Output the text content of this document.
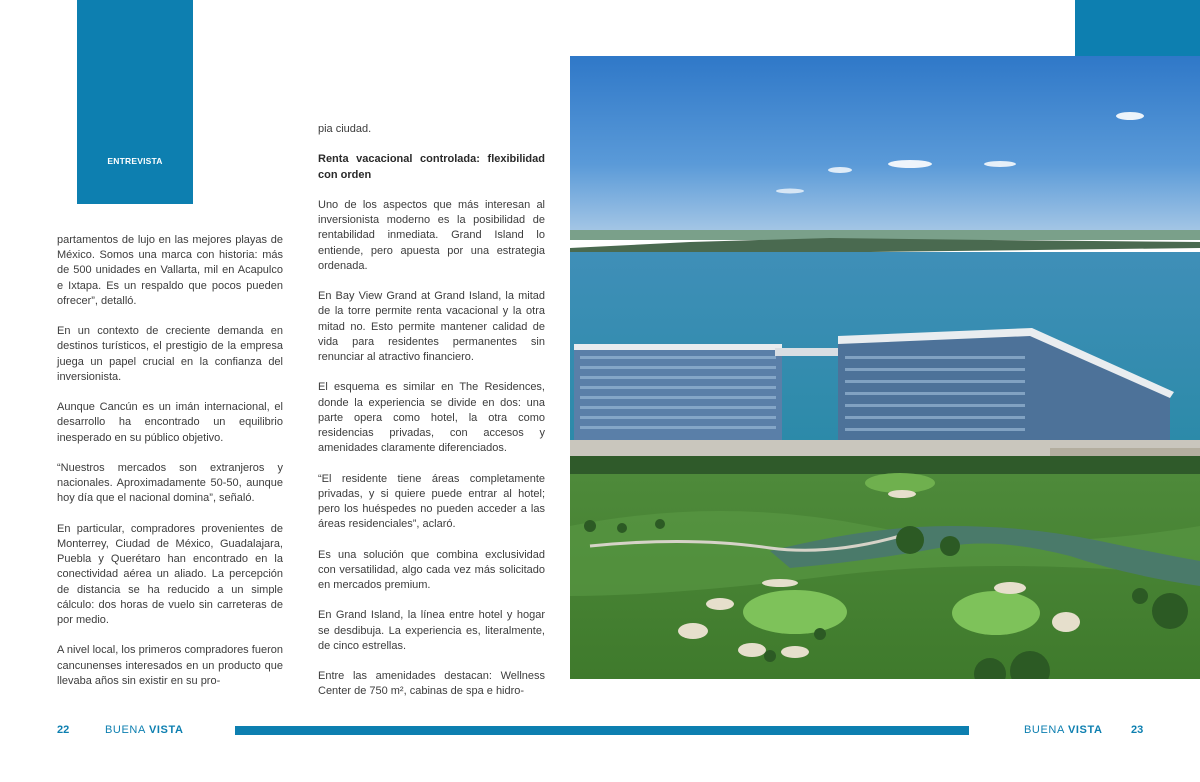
ENTREVISTA

partamentos de lujo en las mejores playas de México. Somos una marca con historia: más de 500 unidades en Vallarta, mil en Acapulco e Ixtapa. Es un respaldo que pocos pueden ofrecer”, detalló.

En un contexto de creciente demanda en destinos turísticos, el prestigio de la empresa juega un papel crucial en la confianza del inversionista.

Aunque Cancún es un imán internacional, el desarrollo ha encontrado un equilibrio inesperado en su público objetivo.

“Nuestros mercados son extranjeros y nacionales. Aproximadamente 50-50, aunque hoy día que el nacional domina”, señaló.

En particular, compradores provenientes de Monterrey, Ciudad de México, Guadalajara, Puebla y Querétaro han encontrado en la conectividad aérea un aliado. La percepción de distancia se ha reducido a un simple cálculo: dos horas de vuelo sin carreteras de por medio.

A nivel local, los primeros compradores fueron cancunenses interesados en un producto que llevaba años sin existir en su pro-

pia ciudad.

Renta vacacional controlada: flexibilidad con orden

Uno de los aspectos que más interesan al inversionista moderno es la posibilidad de rentabilidad inmediata. Grand Island lo entiende, pero apuesta por una estrategia ordenada.

En Bay View Grand at Grand Island, la mitad de la torre permite renta vacacional y la otra mitad no. Esto permite mantener calidad de vida para residentes permanentes sin renunciar al atractivo financiero.

El esquema es similar en The Residences, donde la experiencia se divide en dos: una parte opera como hotel, la otra como residencias privadas, con accesos y amenidades claramente diferenciados.

“El residente tiene áreas completamente privadas, y si quiere puede entrar al hotel; pero los huéspedes no pueden acceder a las áreas residenciales”, aclaró.

Es una solución que combina exclusividad con versatilidad, algo cada vez más solicitado en mercados premium.

En Grand Island, la línea entre hotel y hogar se desdibuja. La experiencia es, literalmente, de cinco estrellas.

Entre las amenidades destacan: Wellness Center de 750 m², cabinas de spa e hidro-

22	BUENA VISTA	BUENA VISTA	23
